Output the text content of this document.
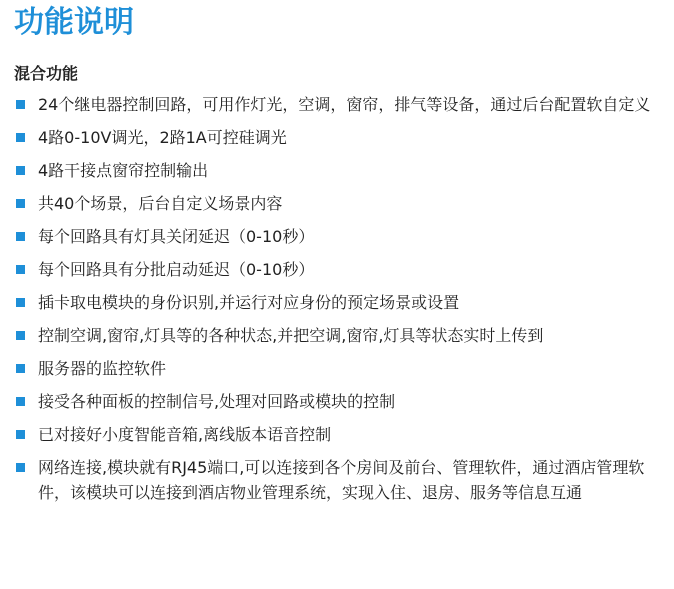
功能说明
混合功能
24个继电器控制回路，可用作灯光，空调，窗帘，排气等设备，通过后台配置软自定义
4路0-10V调光，2路1A可控硅调光
4路干接点窗帘控制输出
共40个场景，后台自定义场景内容
每个回路具有灯具关闭延迟（0-10秒）
每个回路具有分批启动延迟（0-10秒）
插卡取电模块的身份识别,并运行对应身份的预定场景或设置
控制空调,窗帘,灯具等的各种状态,并把空调,窗帘,灯具等状态实时上传到
服务器的监控软件
接受各种面板的控制信号,处理对回路或模块的控制
已对接好小度智能音箱,离线版本语音控制
网络连接,模块就有RJ45端口,可以连接到各个房间及前台、管理软件，通过酒店管理软件，该模块可以连接到酒店物业管理系统，实现入住、退房、服务等信息互通
